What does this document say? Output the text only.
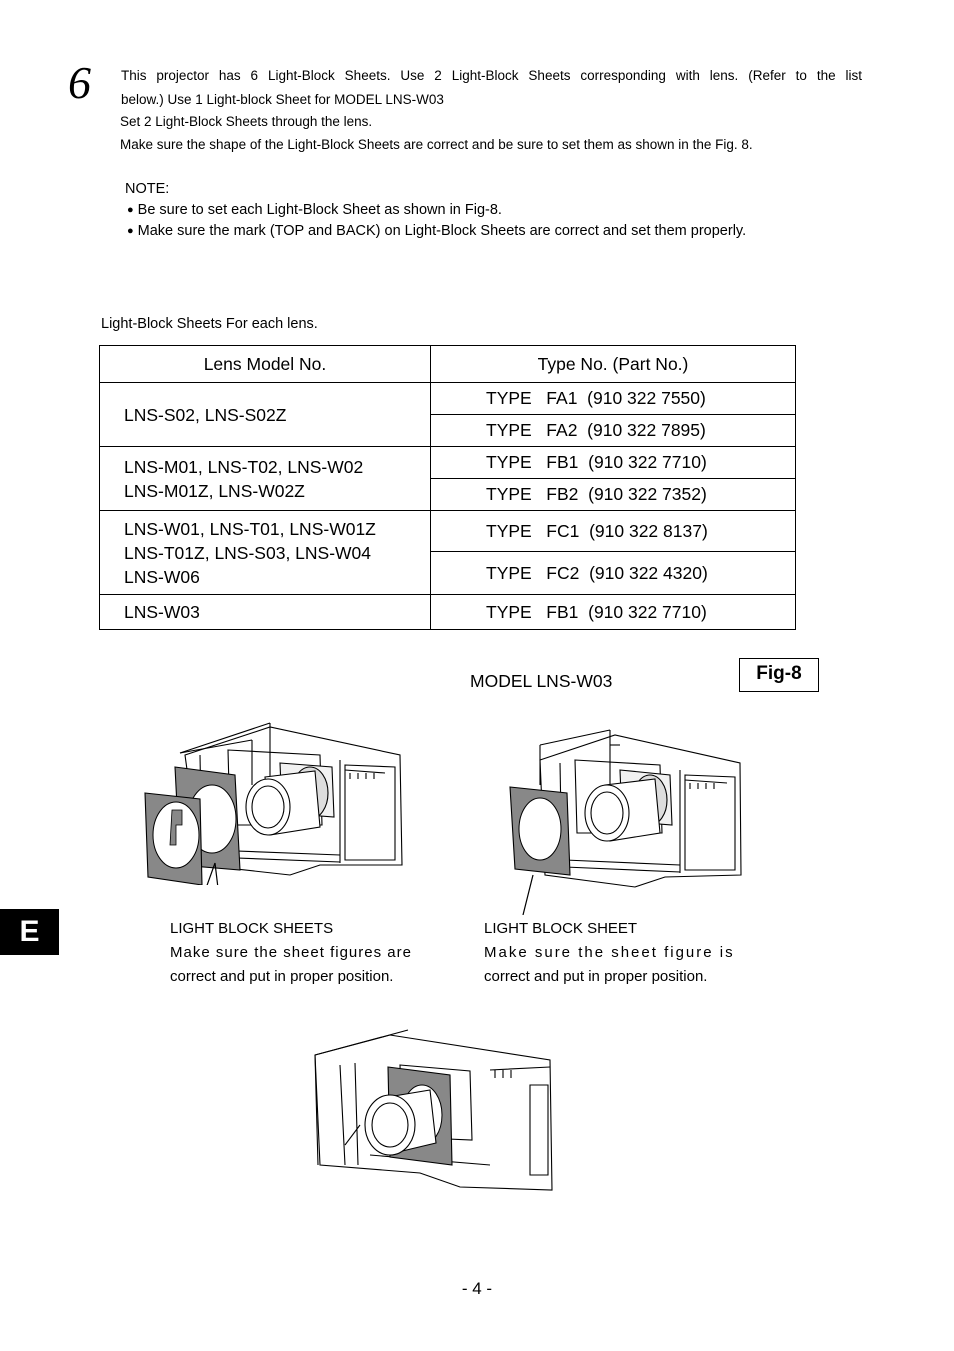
6 This projector has 6 Light-Block Sheets. Use 2 Light-Block Sheets corresponding with lens. (Refer to the list
below.) Use 1 Light-block Sheet for MODEL LNS-W03
Set 2 Light-Block Sheets through the lens.
Make sure the shape of the Light-Block Sheets are correct and be sure to set them as shown in the Fig. 8.
NOTE:
● Be sure to set each Light-Block Sheet as shown in Fig-8.
● Make sure the mark (TOP and BACK) on Light-Block Sheets are correct and set them properly.
Light-Block Sheets For each lens.
Lens Model No.	Type No. (Part No.)

LNS-S02, LNS-S02Z	TYPE   FA1  (910 322 7550)
	TYPE   FA2  (910 322 7895)

LNS-M01, LNS-T02, LNS-W02
LNS-M01Z, LNS-W02Z	TYPE   FB1  (910 322 7710)
	TYPE   FB2  (910 322 7352)

LNS-W01, LNS-T01, LNS-W01Z
LNS-T01Z, LNS-S03, LNS-W04
LNS-W06	TYPE   FC1  (910 322 8137)
	TYPE   FC2  (910 322 4320)

LNS-W03	TYPE   FB1  (910 322 7710)
Fig-8
MODEL LNS-W03
LIGHT BLOCK SHEETS
Make sure the sheet figures are
correct and put in proper position.
LIGHT BLOCK SHEET
Make sure the sheet figure is
correct and put in proper position.
E
- 4 -
